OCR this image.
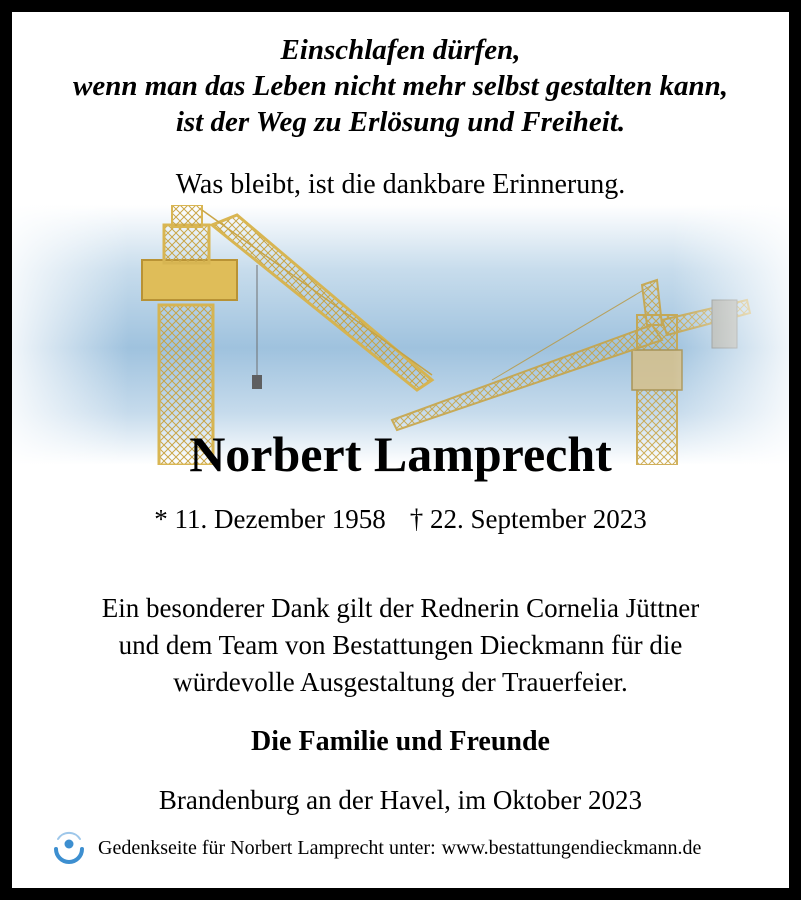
Einschlafen dürfen,
wenn man das Leben nicht mehr selbst gestalten kann,
ist der Weg zu Erlösung und Freiheit.
Was bleibt, ist die dankbare Erinnerung.
Norbert Lamprecht
* 11. Dezember 1958 † 22. September 2023
Ein besonderer Dank gilt der Rednerin Cornelia Jüttner
und dem Team von Bestattungen Dieckmann für die
würdevolle Ausgestaltung der Trauerfeier.
Die Familie und Freunde
Brandenburg an der Havel, im Oktober 2023
Gedenkseite für Norbert Lamprecht unter: www.bestattungendieckmann.de
